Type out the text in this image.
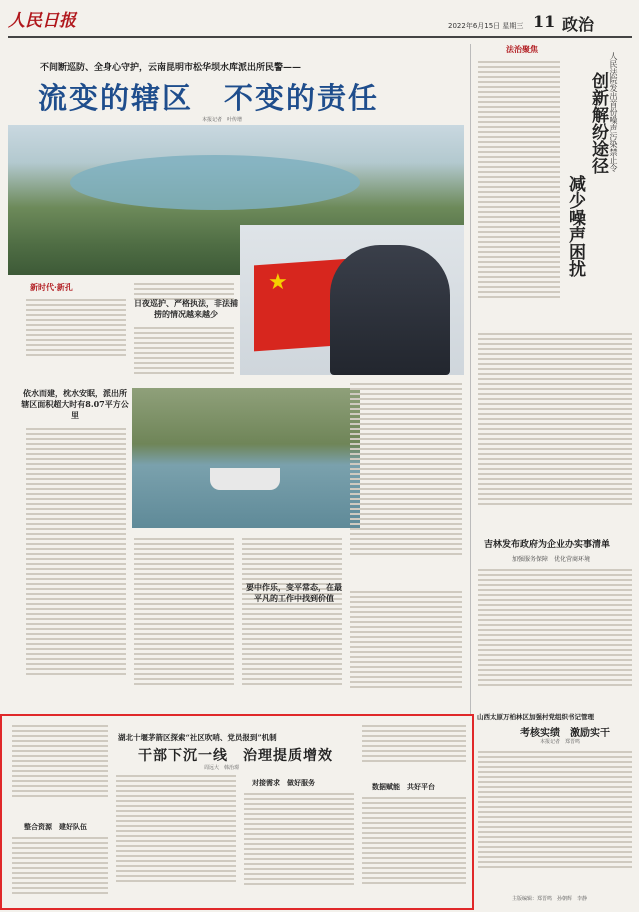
人民日报	2022年6月15日 星期三 11 政治
不间断巡防、全身心守护，云南昆明市松华坝水库派出所民警——
流变的辖区　不变的责任
本报记者　叶传增
新时代·新孔
依水而建，枕水安眠，派出所辖区面积超大时有8.07平方公里
日夜巡护、严格执法，非法捕捞的情况越来越少
★
要中作乐，变平常态，在最平凡的工作中找到价值
法治聚焦
人民法院发出首份噪声污染禁止令
创新解纷途径
减少噪声困扰
吉林发布政府为企业办实事清单
加强服务保障　优化营商环境
山西太原万柏林区加强村党组织书记管理
考核实绩　激励实干
本报记者　郑晋鸣
主版编辑：郑晋鸣　孙朝辉　李静
湖北十堰茅箭区探索“社区吹哨、党员报到”机制
干部下沉一线　治理提质增效
周远大　韩治璟
整合资源　建好队伍
对接需求　做好服务	数据赋能　共好平台
